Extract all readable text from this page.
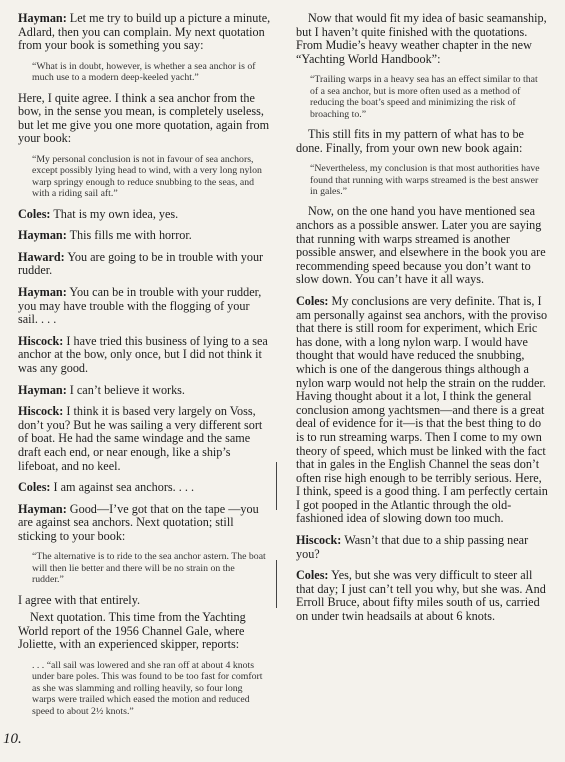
Hayman: Let me try to build up a picture a minute, Adlard, then you can complain. My next quotation from your book is something you say:

“What is in doubt, however, is whether a sea anchor is of much use to a modern deep-keeled yacht.”

Here, I quite agree. I think a sea anchor from the bow, in the sense you mean, is completely useless, but let me give you one more quotation, again from your book:

“My personal conclusion is not in favour of sea anchors, except possibly lying head to wind, with a very long nylon warp springy enough to reduce snubbing to the seas, and with a riding sail aft.”

Coles: That is my own idea, yes.

Hayman: This fills me with horror.

Haward: You are going to be in trouble with your rudder.

Hayman: You can be in trouble with your rudder, you may have trouble with the flogging of your sail. . . .

Hiscock: I have tried this business of lying to a sea anchor at the bow, only once, but I did not think it was any good.

Hayman: I can’t believe it works.

Hiscock: I think it is based very largely on Voss, don’t you? But he was sailing a very different sort of boat. He had the same windage and the same draft each end, or near enough, like a ship’s lifeboat, and no keel.

Coles: I am against sea anchors. . . .

Hayman: Good—I’ve got that on the tape —you are against sea anchors. Next quotation; still sticking to your book:

“The alternative is to ride to the sea anchor astern. The boat will then lie better and there will be no strain on the rudder.”

I agree with that entirely.

Next quotation. This time from the Yachting World report of the 1956 Channel Gale, where Joliette, with an experienced skipper, reports:

. . . “all sail was lowered and she ran off at about 4 knots under bare poles. This was found to be too fast for comfort as she was slamming and rolling heavily, so four long warps were trailed which eased the motion and reduced speed to about 2½ knots.”

Now that would fit my idea of basic seamanship, but I haven’t quite finished with the quotations. From Mudie’s heavy weather chapter in the new “Yachting World Handbook”:

“Trailing warps in a heavy sea has an effect similar to that of a sea anchor, but is more often used as a method of reducing the boat’s speed and minimizing the risk of broaching to.”

This still fits in my pattern of what has to be done. Finally, from your own new book again:

“Nevertheless, my conclusion is that most authorities have found that running with warps streamed is the best answer in gales.”

Now, on the one hand you have mentioned sea anchors as a possible answer. Later you are saying that running with warps streamed is another possible answer, and elsewhere in the book you are recommending speed because you don’t want to slow down. You can’t have it all ways.

Coles: My conclusions are very definite. That is, I am personally against sea anchors, with the proviso that there is still room for experiment, which Eric has done, with a long nylon warp. I would have thought that would have reduced the snubbing, which is one of the dangerous things although a nylon warp would not help the strain on the rudder. Having thought about it a lot, I think the general conclusion among yachtsmen—and there is a great deal of evidence for it—is that the best thing to do is to run streaming warps. Then I come to my own theory of speed, which must be linked with the fact that in gales in the English Channel the seas don’t often rise high enough to be terribly serious. Here, I think, speed is a good thing. I am perfectly certain I got pooped in the Atlantic through the old-fashioned idea of slowing down too much.

Hiscock: Wasn’t that due to a ship passing near you?

Coles: Yes, but she was very difficult to steer all that day; I just can’t tell you why, but she was. And Erroll Bruce, about fifty miles south of us, carried on under twin headsails at about 6 knots.

10.
